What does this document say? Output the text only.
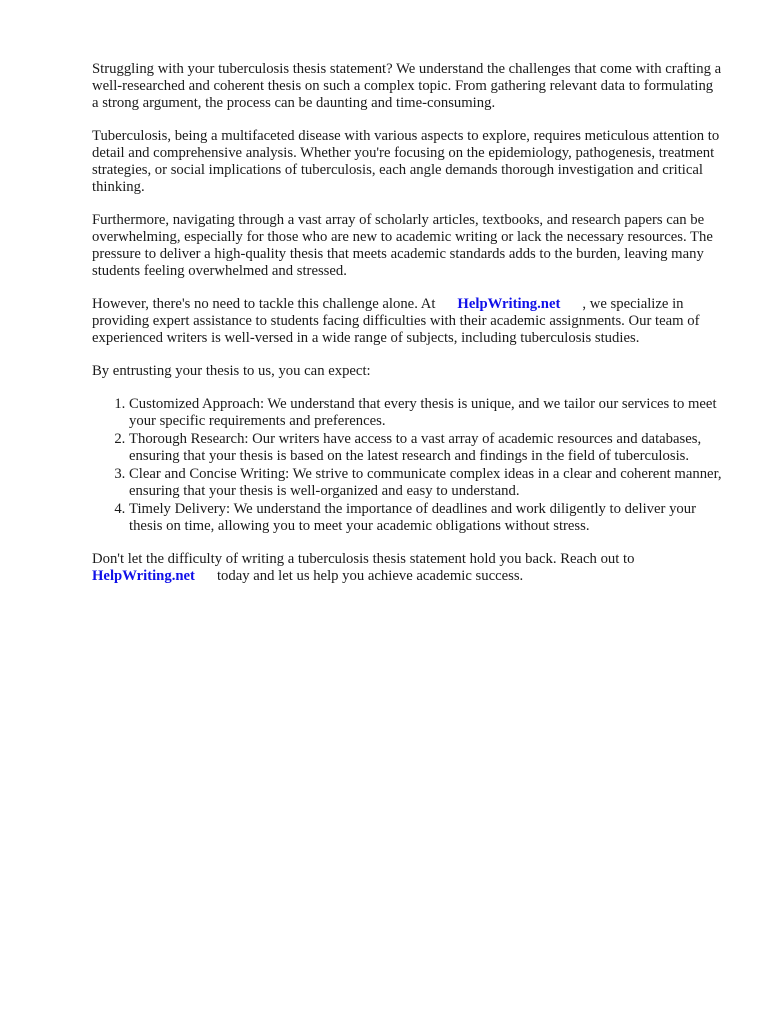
Struggling with your tuberculosis thesis statement? We understand the challenges that come with crafting a well-researched and coherent thesis on such a complex topic. From gathering relevant data to formulating a strong argument, the process can be daunting and time-consuming.

Tuberculosis, being a multifaceted disease with various aspects to explore, requires meticulous attention to detail and comprehensive analysis. Whether you're focusing on the epidemiology, pathogenesis, treatment strategies, or social implications of tuberculosis, each angle demands thorough investigation and critical thinking.

Furthermore, navigating through a vast array of scholarly articles, textbooks, and research papers can be overwhelming, especially for those who are new to academic writing or lack the necessary resources. The pressure to deliver a high-quality thesis that meets academic standards adds to the burden, leaving many students feeling overwhelmed and stressed.

However, there's no need to tackle this challenge alone. At HelpWriting.net , we specialize in providing expert assistance to students facing difficulties with their academic assignments. Our team of experienced writers is well-versed in a wide range of subjects, including tuberculosis studies.

By entrusting your thesis to us, you can expect:

1. Customized Approach: We understand that every thesis is unique, and we tailor our services to meet your specific requirements and preferences.
2. Thorough Research: Our writers have access to a vast array of academic resources and databases, ensuring that your thesis is based on the latest research and findings in the field of tuberculosis.
3. Clear and Concise Writing: We strive to communicate complex ideas in a clear and coherent manner, ensuring that your thesis is well-organized and easy to understand.
4. Timely Delivery: We understand the importance of deadlines and work diligently to deliver your thesis on time, allowing you to meet your academic obligations without stress.

Don't let the difficulty of writing a tuberculosis thesis statement hold you back. Reach out to HelpWriting.net today and let us help you achieve academic success.
